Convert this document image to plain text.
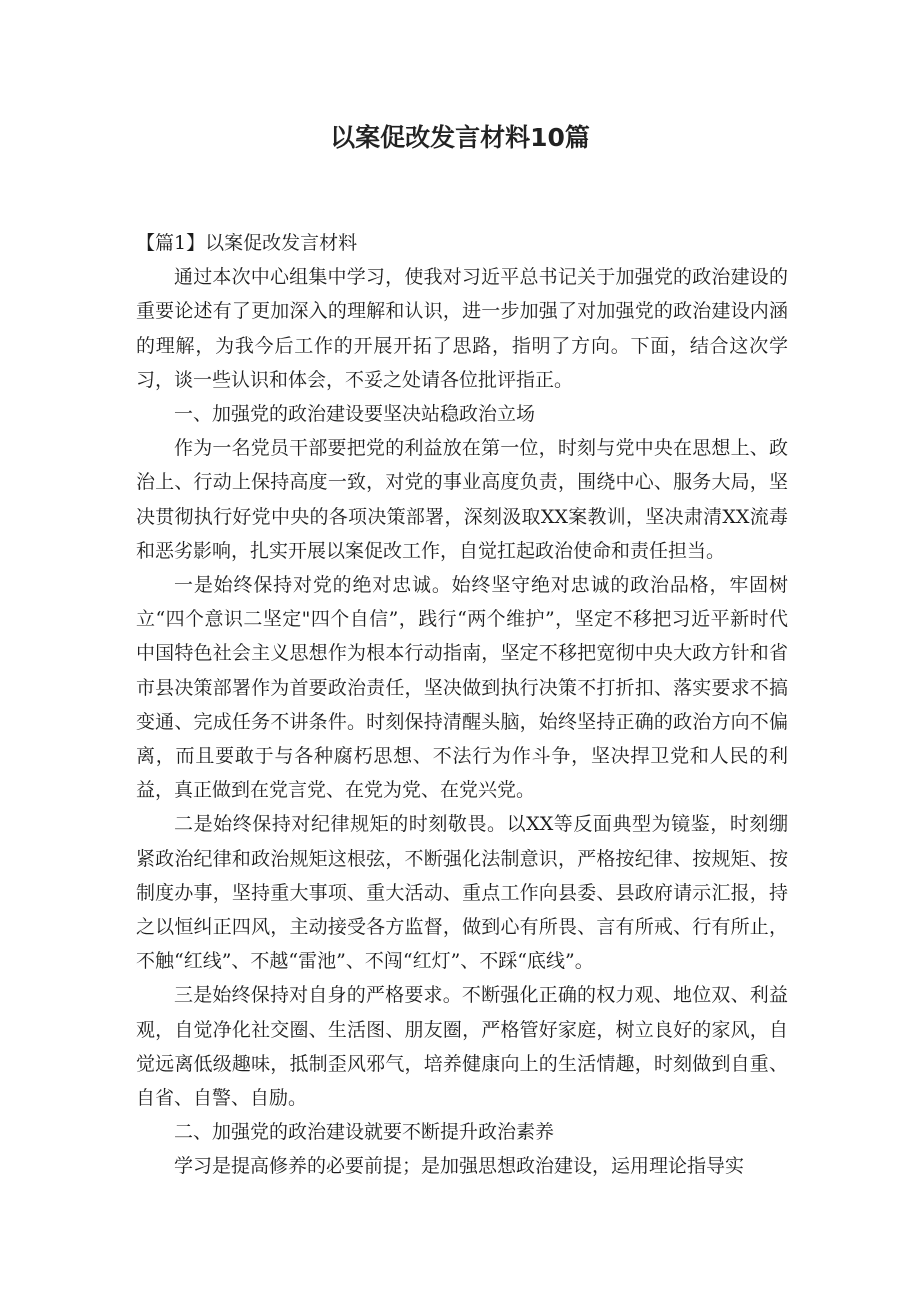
以案促改发言材料10篇

【篇1】以案促改发言材料

通过本次中心组集中学习，使我对习近平总书记关于加强党的政治建设的重要论述有了更加深入的理解和认识，进一步加强了对加强党的政治建设内涵的理解，为我今后工作的开展开拓了思路，指明了方向。下面，结合这次学习，谈一些认识和体会，不妥之处请各位批评指正。

一、加强党的政治建设要坚决站稳政治立场

作为一名党员干部要把党的利益放在第一位，时刻与党中央在思想上、政治上、行动上保持高度一致，对党的事业高度负责，围绕中心、服务大局，坚决贯彻执行好党中央的各项决策部署，深刻汲取XX案教训，坚决肃清XX流毒和恶劣影响，扎实开展以案促改工作，自觉扛起政治使命和责任担当。

一是始终保持对党的绝对忠诚。始终坚守绝对忠诚的政治品格，牢固树立“四个意识二坚定"四个自信”，践行“两个维护”，坚定不移把习近平新时代中国特色社会主义思想作为根本行动指南，坚定不移把宽彻中央大政方针和省市县决策部署作为首要政治责任，坚决做到执行决策不打折扣、落实要求不搞变通、完成任务不讲条件。时刻保持清醒头脑，始终坚持正确的政治方向不偏离，而且要敢于与各种腐朽思想、不法行为作斗争，坚决捍卫党和人民的利益，真正做到在党言党、在党为党、在党兴党。

二是始终保持对纪律规矩的时刻敬畏。以XX等反面典型为镜鉴，时刻绷紧政治纪律和政治规矩这根弦，不断强化法制意识，严格按纪律、按规矩、按制度办事，坚持重大事项、重大活动、重点工作向县委、县政府请示汇报，持之以恒纠正四风，主动接受各方监督，做到心有所畏、言有所戒、行有所止，不触“红线”、不越“雷池”、不闯“红灯”、不踩“底线”。

三是始终保持对自身的严格要求。不断强化正确的权力观、地位双、利益观，自觉净化社交圈、生活图、朋友圈，严格管好家庭，树立良好的家风，自觉远离低级趣味，抵制歪风邪气，培养健康向上的生活情趣，时刻做到自重、自省、自警、自励。

二、加强党的政治建设就要不断提升政治素养

学习是提高修养的必要前提；是加强思想政治建设，运用理论指导实
